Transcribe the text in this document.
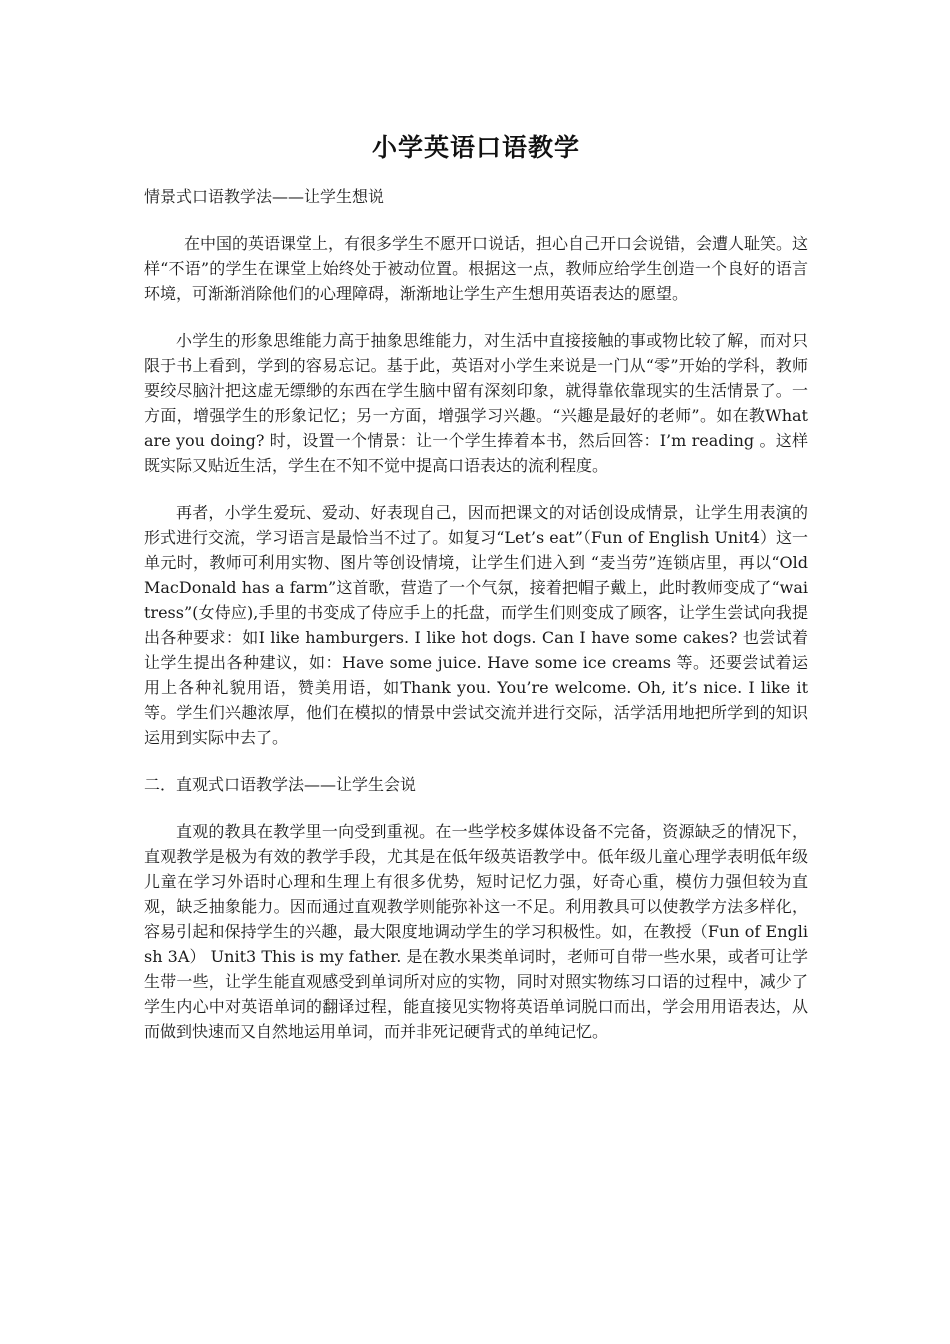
小学英语口语教学
情景式口语教学法——让学生想说

在中国的英语课堂上，有很多学生不愿开口说话，担心自己开口会说错，会遭人耻笑。这样“不语”的学生在课堂上始终处于被动位置。根据这一点，教师应给学生创造一个良好的语言环境，可渐渐消除他们的心理障碍，渐渐地让学生产生想用英语表达的愿望。

小学生的形象思维能力高于抽象思维能力，对生活中直接接触的事或物比较了解，而对只限于书上看到，学到的容易忘记。基于此，英语对小学生来说是一门从“零”开始的学科，教师要绞尽脑汁把这虚无缥缈的东西在学生脑中留有深刻印象，就得靠依靠现实的生活情景了。一方面，增强学生的形象记忆；另一方面，增强学习兴趣。“兴趣是最好的老师”。如在教What are you doing? 时，设置一个情景：让一个学生捧着本书，然后回答：I’m reading 。这样既实际又贴近生活，学生在不知不觉中提高口语表达的流利程度。

再者，小学生爱玩、爱动、好表现自己，因而把课文的对话创设成情景，让学生用表演的形式进行交流，学习语言是最恰当不过了。如复习“Let’s eat”（Fun of English Unit4）这一单元时，教师可利用实物、图片等创设情境，让学生们进入到 “麦当劳”连锁店里，再以“Old MacDonald has a farm”这首歌，营造了一个气氛，接着把帽子戴上，此时教师变成了“waitress”(女侍应),手里的书变成了侍应手上的托盘，而学生们则变成了顾客，让学生尝试向我提出各种要求：如I like hamburgers. I like hot dogs. Can I have some cakes? 也尝试着让学生提出各种建议，如：Have some juice. Have some ice creams 等。还要尝试着运用上各种礼貌用语，赞美用语，如Thank you. You’re welcome. Oh, it’s nice. I like it 等。学生们兴趣浓厚，他们在模拟的情景中尝试交流并进行交际，活学活用地把所学到的知识运用到实际中去了。

二．直观式口语教学法——让学生会说

直观的教具在教学里一向受到重视。在一些学校多媒体设备不完备，资源缺乏的情况下，直观教学是极为有效的教学手段，尤其是在低年级英语教学中。低年级儿童心理学表明低年级儿童在学习外语时心理和生理上有很多优势，短时记忆力强，好奇心重，模仿力强但较为直观，缺乏抽象能力。因而通过直观教学则能弥补这一不足。利用教具可以使教学方法多样化，容易引起和保持学生的兴趣，最大限度地调动学生的学习积极性。如，在教授（Fun of English 3A） Unit3 This is my father. 是在教水果类单词时，老师可自带一些水果，或者可让学生带一些，让学生能直观感受到单词所对应的实物，同时对照实物练习口语的过程中，减少了学生内心中对英语单词的翻译过程，能直接见实物将英语单词脱口而出，学会用用语表达，从而做到快速而又自然地运用单词，而并非死记硬背式的单纯记忆。
